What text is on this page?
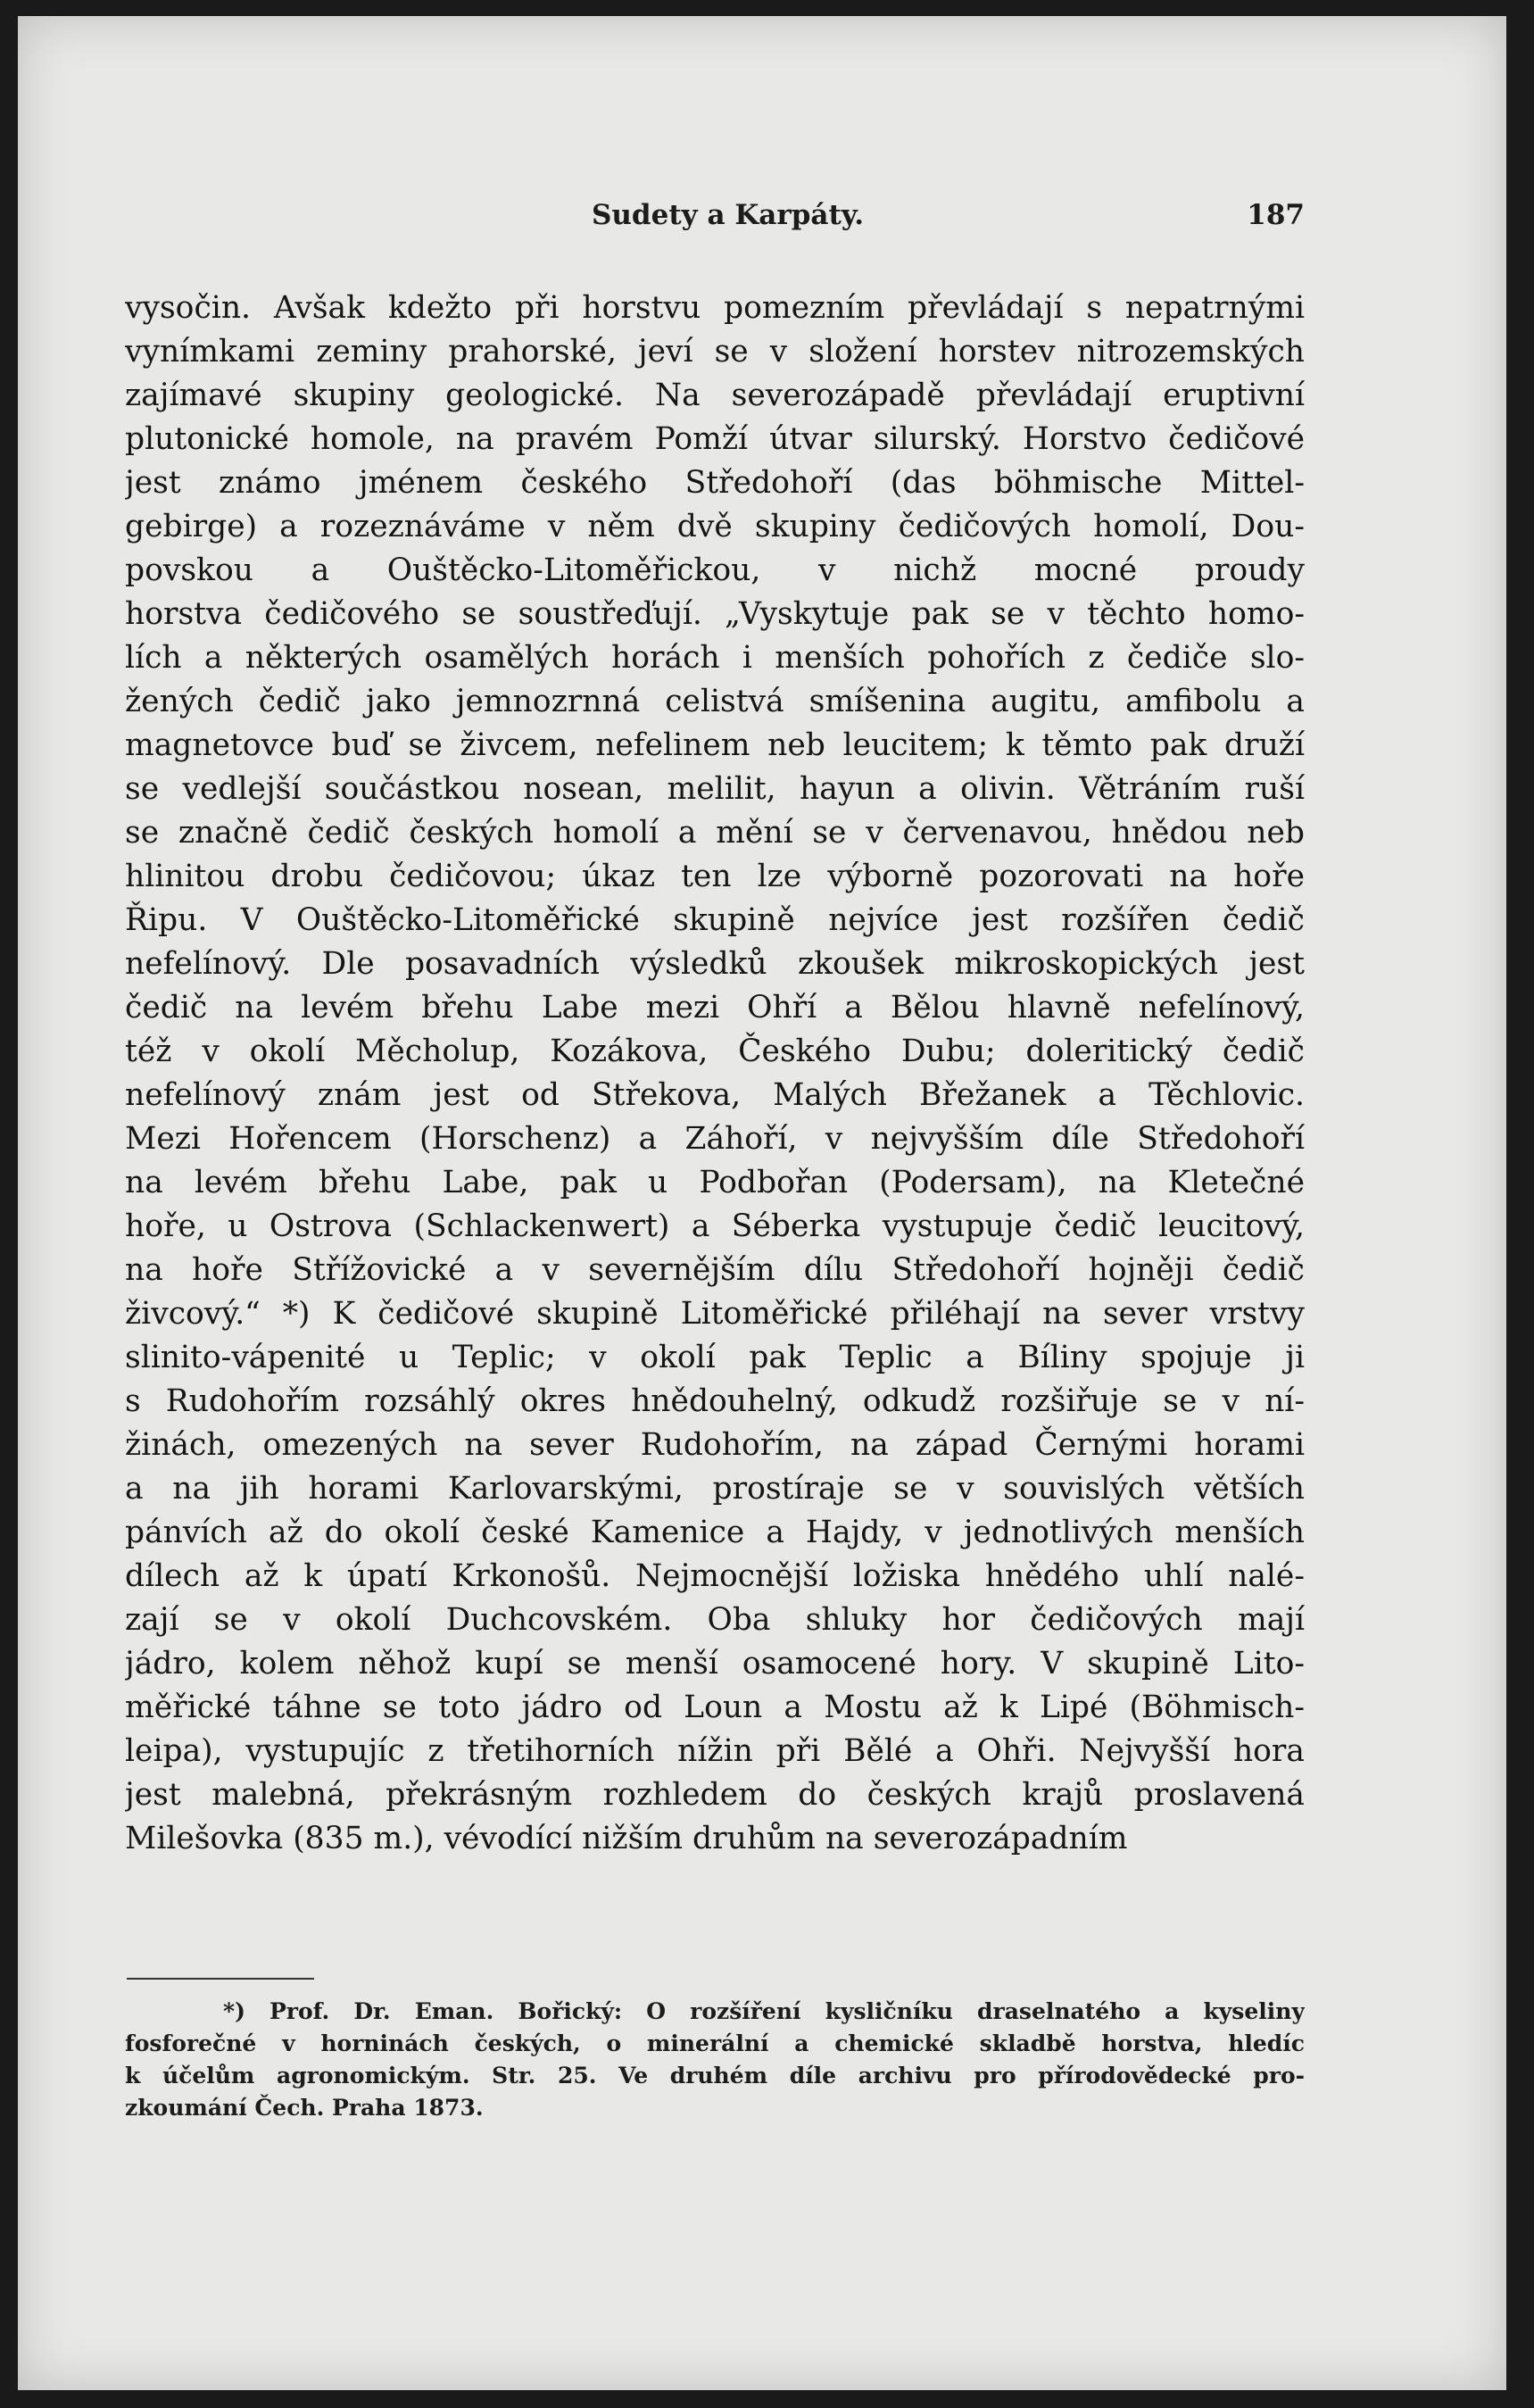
Sudety a Karpáty.	187
vysočin. Avšak kdežto při horstvu pomezním převládají s nepatrnými
vynímkami zeminy prahorské, jeví se v složení horstev nitrozemských
zajímavé skupiny geologické. Na severozápadě převládají eruptivní
plutonické homole, na pravém Pomží útvar silurský. Horstvo čedičové
jest známo jménem českého Středohoří (das böhmische Mittel-
gebirge) a rozeznáváme v něm dvě skupiny čedičových homolí, Dou-
povskou a Ouštěcko-Litoměřickou, v nichž mocné proudy
horstva čedičového se soustřeďují. „Vyskytuje pak se v těchto homo-
lích a některých osamělých horách i menších pohořích z čediče slo-
žených čedič jako jemnozrnná celistvá smíšenina augitu, amfibolu a
magnetovce buď se živcem, nefelinem neb leucitem; k těmto pak druží
se vedlejší součástkou nosean, melilit, hayun a olivin. Větráním ruší
se značně čedič českých homolí a mění se v červenavou, hnědou neb
hlinitou drobu čedičovou; úkaz ten lze výborně pozorovati na hoře
Řipu. V Ouštěcko-Litoměřické skupině nejvíce jest rozšířen čedič
nefelínový. Dle posavadních výsledků zkoušek mikroskopických jest
čedič na levém břehu Labe mezi Ohří a Bělou hlavně nefelínový,
též v okolí Měcholup, Kozákova, Českého Dubu; doleritický čedič
nefelínový znám jest od Střekova, Malých Břežanek a Těchlovic.
Mezi Hořencem (Horschenz) a Záhoří, v nejvyšším díle Středohoří
na levém břehu Labe, pak u Podbořan (Podersam), na Kletečné
hoře, u Ostrova (Schlackenwert) a Séberka vystupuje čedič leucitový,
na hoře Střížovické a v severnějším dílu Středohoří hojněji čedič
živcový.“ *) K čedičové skupině Litoměřické přiléhají na sever vrstvy
slinito-vápenité u Teplic; v okolí pak Teplic a Bíliny spojuje ji
s Rudohořím rozsáhlý okres hnědouhelný, odkudž rozšiřuje se v ní-
žinách, omezených na sever Rudohořím, na západ Černými horami
a na jih horami Karlovarskými, prostíraje se v souvislých větších
pánvích až do okolí české Kamenice a Hajdy, v jednotlivých menších
dílech až k úpatí Krkonošů. Nejmocnější ložiska hnědého uhlí nalé-
zají se v okolí Duchcovském. Oba shluky hor čedičových mají
jádro, kolem něhož kupí se menší osamocené hory. V skupině Lito-
měřické táhne se toto jádro od Loun a Mostu až k Lipé (Böhmisch-
leipa), vystupujíc z třetihorních nížin při Bělé a Ohři. Nejvyšší hora
jest malebná, překrásným rozhledem do českých krajů proslavená
Milešovka (835 m.), vévodící nižším druhům na severozápadním
*) Prof. Dr. Eman. Bořický: O rozšíření kysličníku draselnatého a kyseliny
fosforečné v horninách českých, o minerální a chemické skladbě horstva, hledíc
k účelům agronomickým. Str. 25. Ve druhém díle archivu pro přírodovědecké pro-
zkoumání Čech. Praha 1873.
